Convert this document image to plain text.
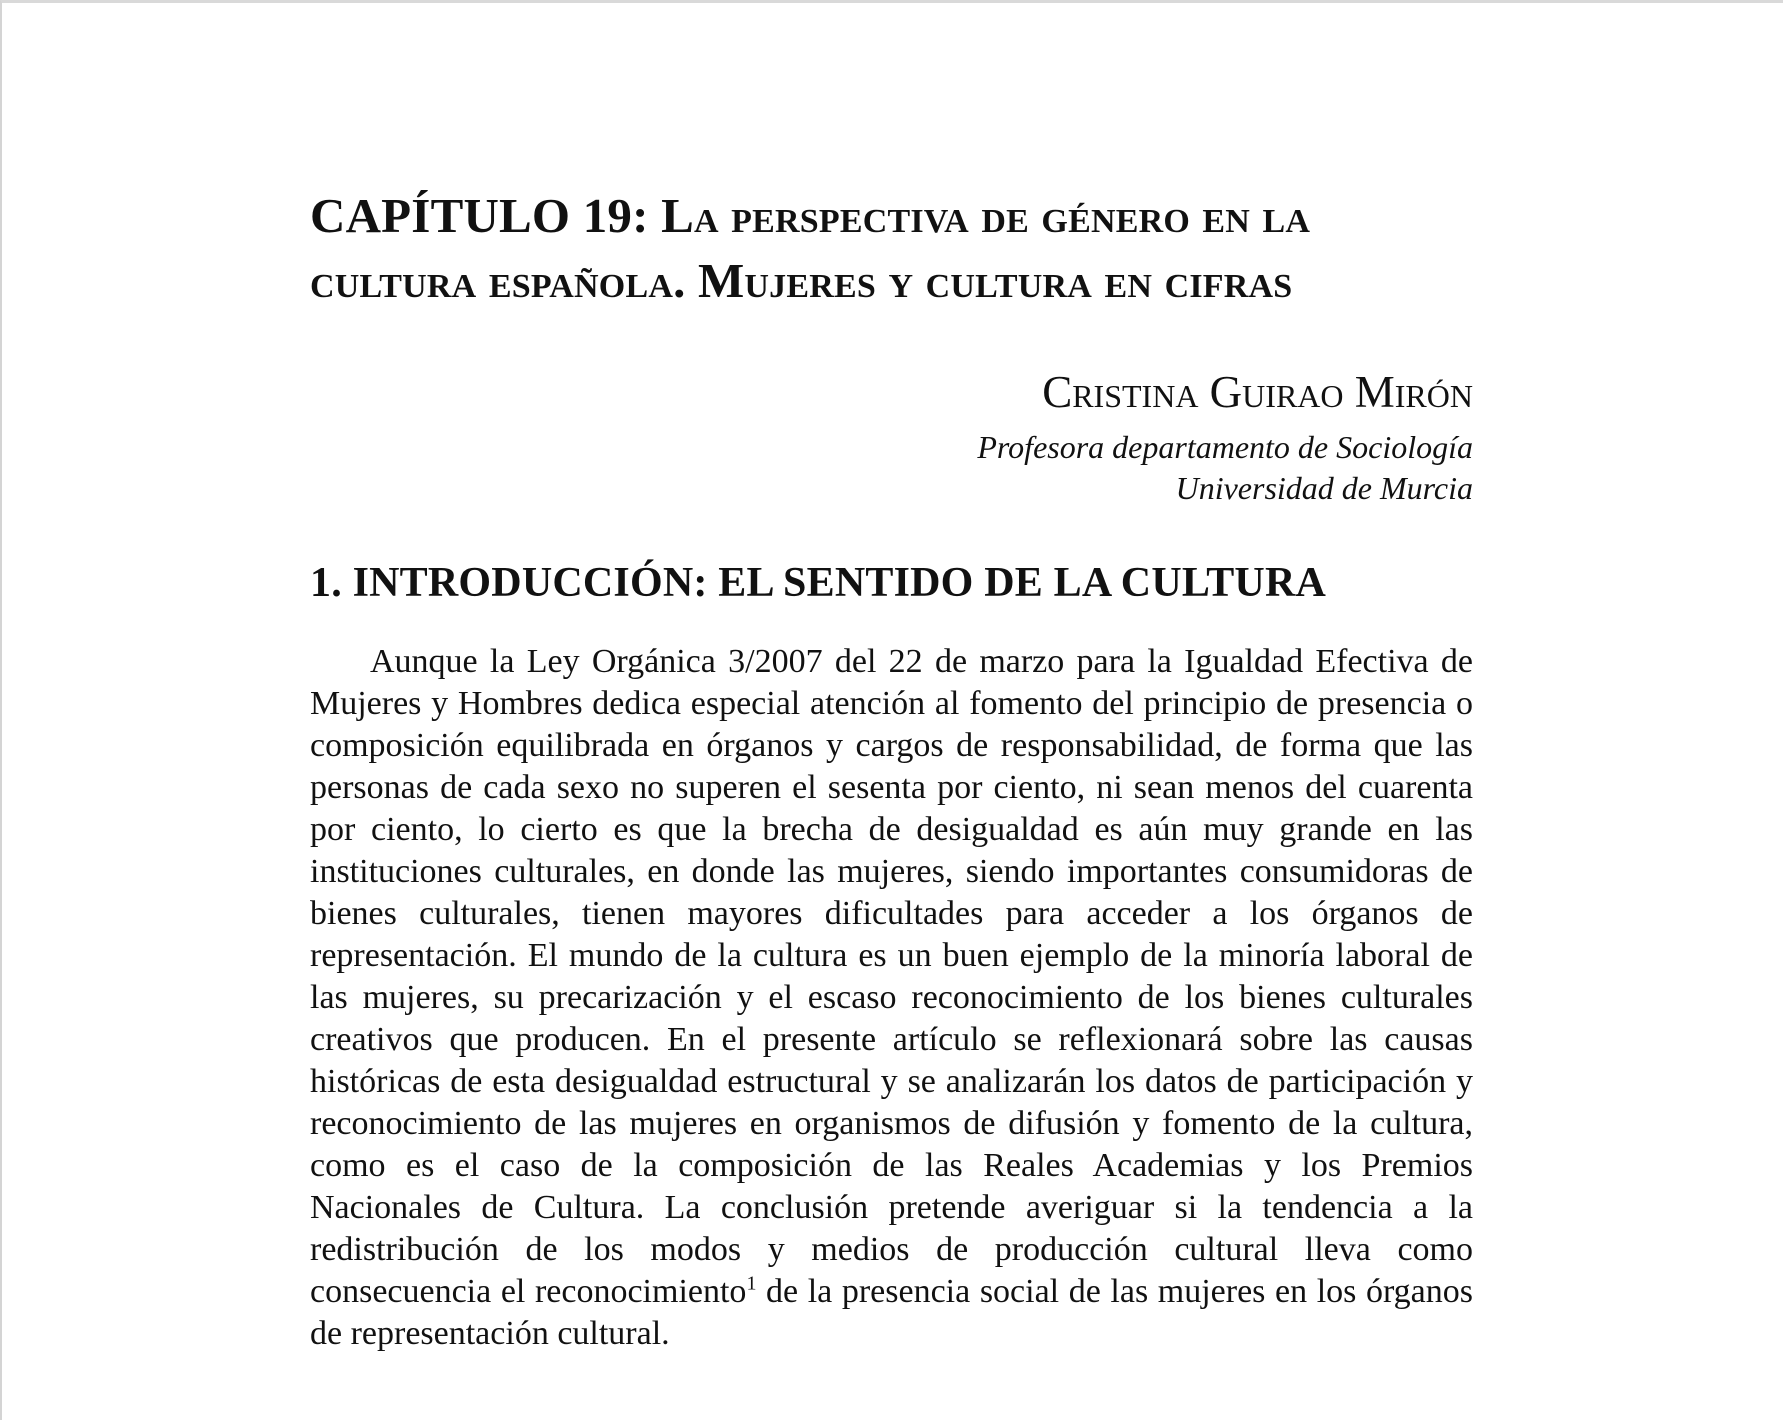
CAPÍTULO 19: La perspectiva de género en la cultura española. Mujeres y cultura en cifras

Cristina Guirao Mirón

Profesora departamento de Sociología

Universidad de Murcia

1. INTRODUCCIÓN: EL SENTIDO DE LA CULTURA

Aunque la Ley Orgánica 3/2007 del 22 de marzo para la Igualdad Efectiva de Mujeres y Hombres dedica especial atención al fomento del principio de presencia o composición equilibrada en órganos y cargos de responsabilidad, de forma que las personas de cada sexo no superen el sesenta por ciento, ni sean menos del cuarenta por ciento, lo cierto es que la brecha de desigualdad es aún muy grande en las instituciones culturales, en donde las mujeres, siendo importantes consumidoras de bienes culturales, tienen mayores dificultades para acceder a los órganos de representación. El mundo de la cultura es un buen ejemplo de la minoría laboral de las mujeres, su precarización y el escaso reconocimiento de los bienes culturales creativos que producen. En el presente artículo se reflexionará sobre las causas históricas de esta desigualdad estructural y se analizarán los datos de participación y reconocimiento de las mujeres en organismos de difusión y fomento de la cultura, como es el caso de la composición de las Reales Academias y los Premios Nacionales de Cultura. La conclusión pretende averiguar si la tendencia a la redistribución de los modos y medios de producción cultural lleva como consecuencia el reconocimiento$^1$ de la presencia social de las mujeres en los órganos de representación cultural.
